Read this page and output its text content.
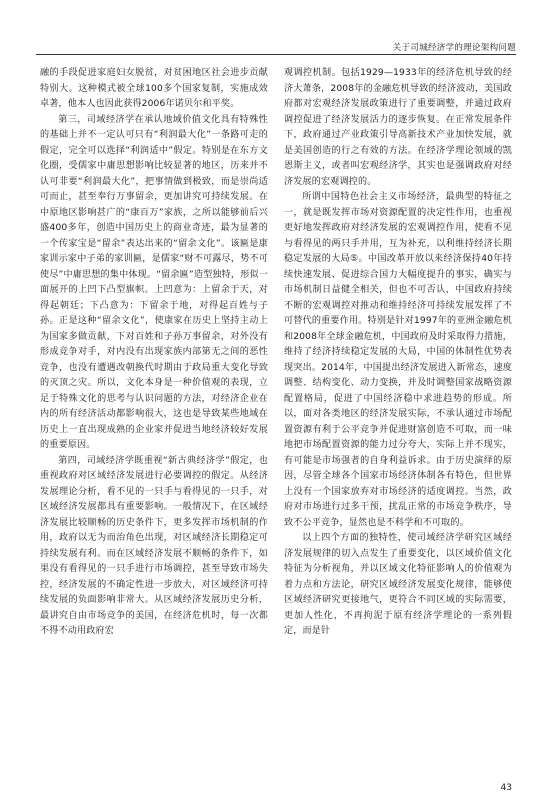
关于司城经济学的理论架构问题

融的手段促进家庭妇女脱贫，对贫困地区社会进步贡献特别大。这种模式被全球100多个国家复制，实施成效卓著，他本人也因此获得2006年诺贝尔和平奖。

第三，司域经济学在承认地域价值文化具有特殊性的基础上并不一定认可只有“利润最大化”一条路可走的假定，完全可以选择“利润适中”假定。特别是在东方文化圈，受儒家中庸思想影响比较显著的地区，历来并不认可非要“利润最大化”，把事情做到极致，而是崇尚适可而止，甚至奉行万事留余，更加讲究可持续发展。在中原地区影响甚广的“康百万”家族，之所以能够前后兴盛400多年，创造中国历史上的商业奇迹，最为显著的一个传家宝是“留余”表达出来的“留余文化”。该匾是康家训示家中子弟的家训匾，是儒家“财不可露尽，势不可使尽”中庸思想的集中体现。“留余匾”造型独特，形似一面展开的上凹下凸型旗帜。上凹意为：上留余于天，对得起朝廷；下凸意为：下留余于地，对得起百姓与子孙。正是这种“留余文化”，使康家在历史上坚持主动上为国家多做贡献，下对百姓和子孙万事留余，对外没有形成竞争对手，对内没有出现家族内部第无之间的恶性竞争，也没有遭遇改朝换代时期由于政局重大变化导致的灭顶之灾。所以，文化本身是一种价值观的表现，立足于特殊文化的思考与认识问题的方法，对经济企业在内的所有经济活动都影响很大，这也是导致某些地域在历史上一直出现成熟的企业家并促进当地经济较好发展的重要原因。

第四，司域经济学既重视“新古典经济学”假定，也重视政府对区域经济发展进行必要调控的假定。从经济发展理论分析，看不见的一只手与看得见的一只手，对区域经济发展都具有重要影响。一般情况下，在区域经济发展比较顺畅的历史条件下，更多发挥市场机制的作用，政府以无为而治角色出现，对区域经济长期稳定可持续发展有利。而在区域经济发展不顺畅的条件下，如果没有看得见的一只手进行市场调控，甚至导致市场失控，经济发展的不确定性进一步放大，对区域经济可持续发展的负面影响非常大。从区域经济发展历史分析，最讲究自由市场竞争的美国，在经济危机时，每一次都不得不动用政府宏

观调控机制。包括1929—1933年的经济危机导致的经济大萧条，2008年的金融危机导致的经济波动，美国政府都对宏观经济发展政策进行了重要调整，并通过政府调控促进了经济发展活力的逐步恢复。在正常发展条件下，政府通过产业政策引导高新技术产业加快发展，就是美国创造的行之有效的方法。在经济学理论领域的凯恩斯主义，或者叫宏观经济学，其实也是强调政府对经济发展的宏观调控的。

所谓中国特色社会主义市场经济，最典型的特征之一，就是既发挥市场对资源配置的决定性作用，也重视更好地发挥政府对经济发展的宏观调控作用，使看不见与看得见的两只手并用，互为补充，以利维持经济长期稳定发展的大局⑤。中国改革开放以来经济保持40年持续快速发展、促进综合国力大幅度提升的事实，确实与市场机制日益健全相关，但也不可否认，中国政府持续不断的宏观调控对推动和维持经济可持续发展发挥了不可替代的重要作用。特别是针对1997年的亚洲金融危机和2008年全球金融危机，中国政府及时采取得力措施，维持了经济持续稳定发展的大局，中国的体制性优势表现突出。2014年，中国提出经济发展进入新常态，速度调整、结构变化、动力变换，并及时调整国家战略资源配置格局，促进了中国经济稳中求进趋势的形成。所以，面对各类地区的经济发展实际，不承认通过市场配置资源有利于公平竞争并促进财富创造不可取，而一味地把市场配置资源的能力过分夸大，实际上并不现实，有可能是市场强者的自身利益诉求。由于历史演绎的原因，尽管全球各个国家市场经济体制各有特色，但世界上没有一个国家放弃对市场经济的适度调控。当然，政府对市场进行过多干预，扰乱正常的市场竞争秩序，导致不公平竞争，显然也是不科学和不可取的。

以上四个方面的独特性，使司域经济学研究区域经济发展规律的切入点发生了重要变化，以区域价值文化特征为分析视角，并以区域文化特征影响人的价值观为着力点和方法论，研究区域经济发展变化规律，能够使区域经济研究更接地气，更符合不同区域的实际需要，更加人性化，不再拘泥于原有经济学理论的一系列假定，而是针

43
